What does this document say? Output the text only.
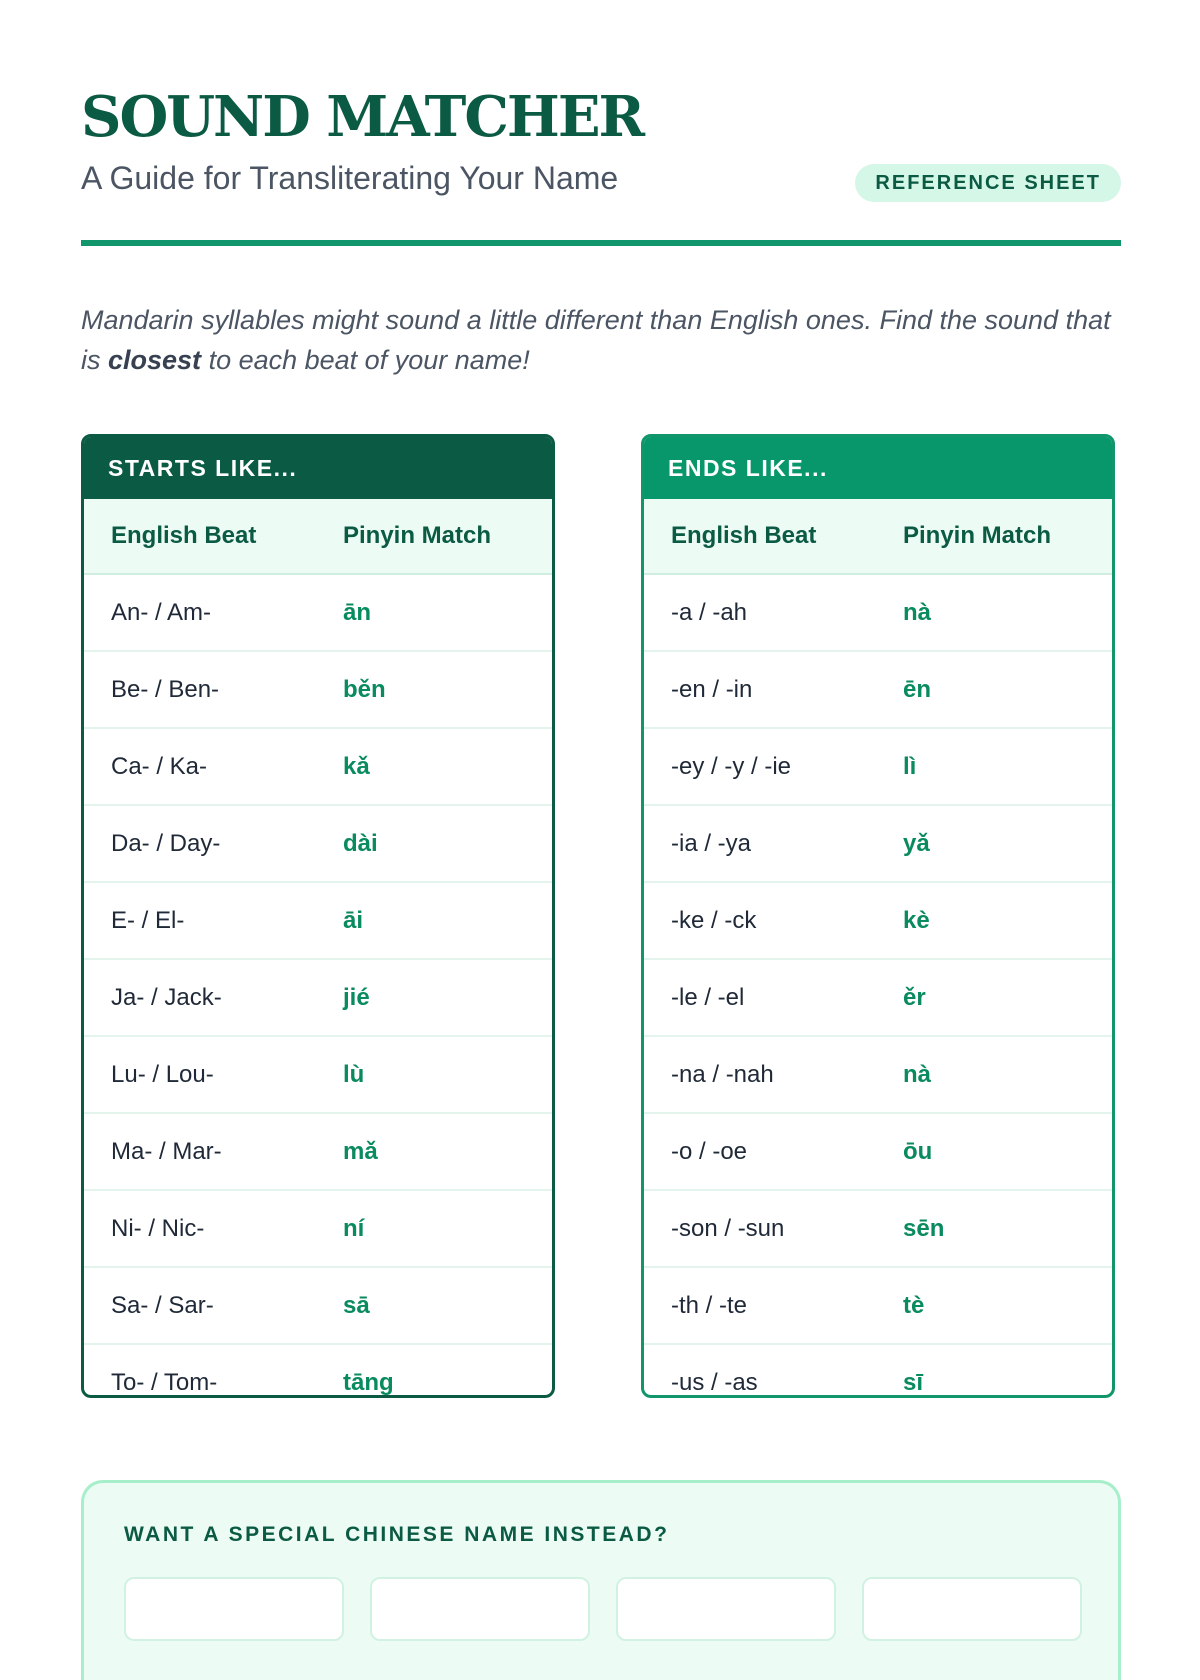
SOUND MATCHER
A Guide for Transliterating Your Name	REFERENCE SHEET

Mandarin syllables might sound a little different than English ones. Find the sound that is closest to each beat of your name!

STARTS LIKE...
English Beat	Pinyin Match
An- / Am-	ān
Be- / Ben-	běn
Ca- / Ka-	kǎ
Da- / Day-	dài
E- / El-	āi
Ja- / Jack-	jié
Lu- / Lou-	lù
Ma- / Mar-	mǎ
Ni- / Nic-	ní
Sa- / Sar-	sā
To- / Tom-	tāng
ENDS LIKE...
English Beat	Pinyin Match
-a / -ah	nà
-en / -in	ēn
-ey / -y / -ie	lì
-ia / -ya	yǎ
-ke / -ck	kè
-le / -el	ěr
-na / -nah	nà
-o / -oe	ōu
-son / -sun	sēn
-th / -te	tè
-us / -as	sī
WANT A SPECIAL CHINESE NAME INSTEAD?
